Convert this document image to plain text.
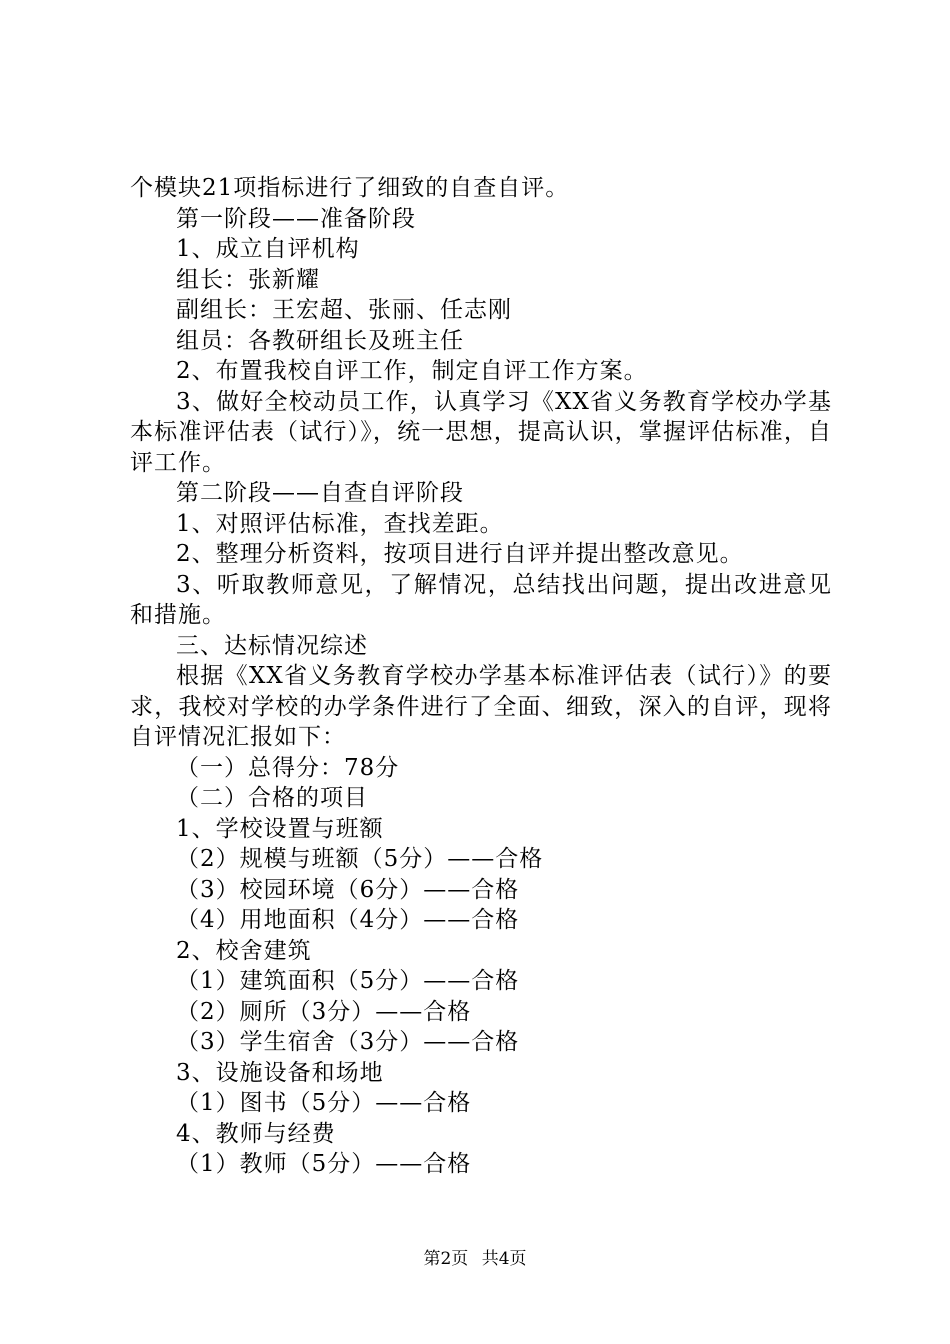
个模块21项指标进行了细致的自查自评。
第一阶段——准备阶段
1、成立自评机构
组长：张新耀
副组长：王宏超、张丽、任志刚
组员：各教研组长及班主任
2、布置我校自评工作，制定自评工作方案。
3、做好全校动员工作，认真学习《XX省义务教育学校办学基本标准评估表（试行）》，统一思想，提高认识，掌握评估标准，自评工作。
第二阶段——自查自评阶段
1、对照评估标准，查找差距。
2、整理分析资料，按项目进行自评并提出整改意见。
3、听取教师意见，了解情况，总结找出问题，提出改进意见和措施。
三、达标情况综述
根据《XX省义务教育学校办学基本标准评估表（试行）》的要求，我校对学校的办学条件进行了全面、细致，深入的自评，现将自评情况汇报如下：
（一）总得分：78分
（二）合格的项目
1、学校设置与班额
（2）规模与班额（5分）——合格
（3）校园环境（6分）——合格
（4）用地面积（4分）——合格
2、校舍建筑
（1）建筑面积（5分）——合格
（2）厕所（3分）——合格
（3）学生宿舍（3分）——合格
3、设施设备和场地
（1）图书（5分）——合格
4、教师与经费
（1）教师（5分）——合格
第2页 共4页
